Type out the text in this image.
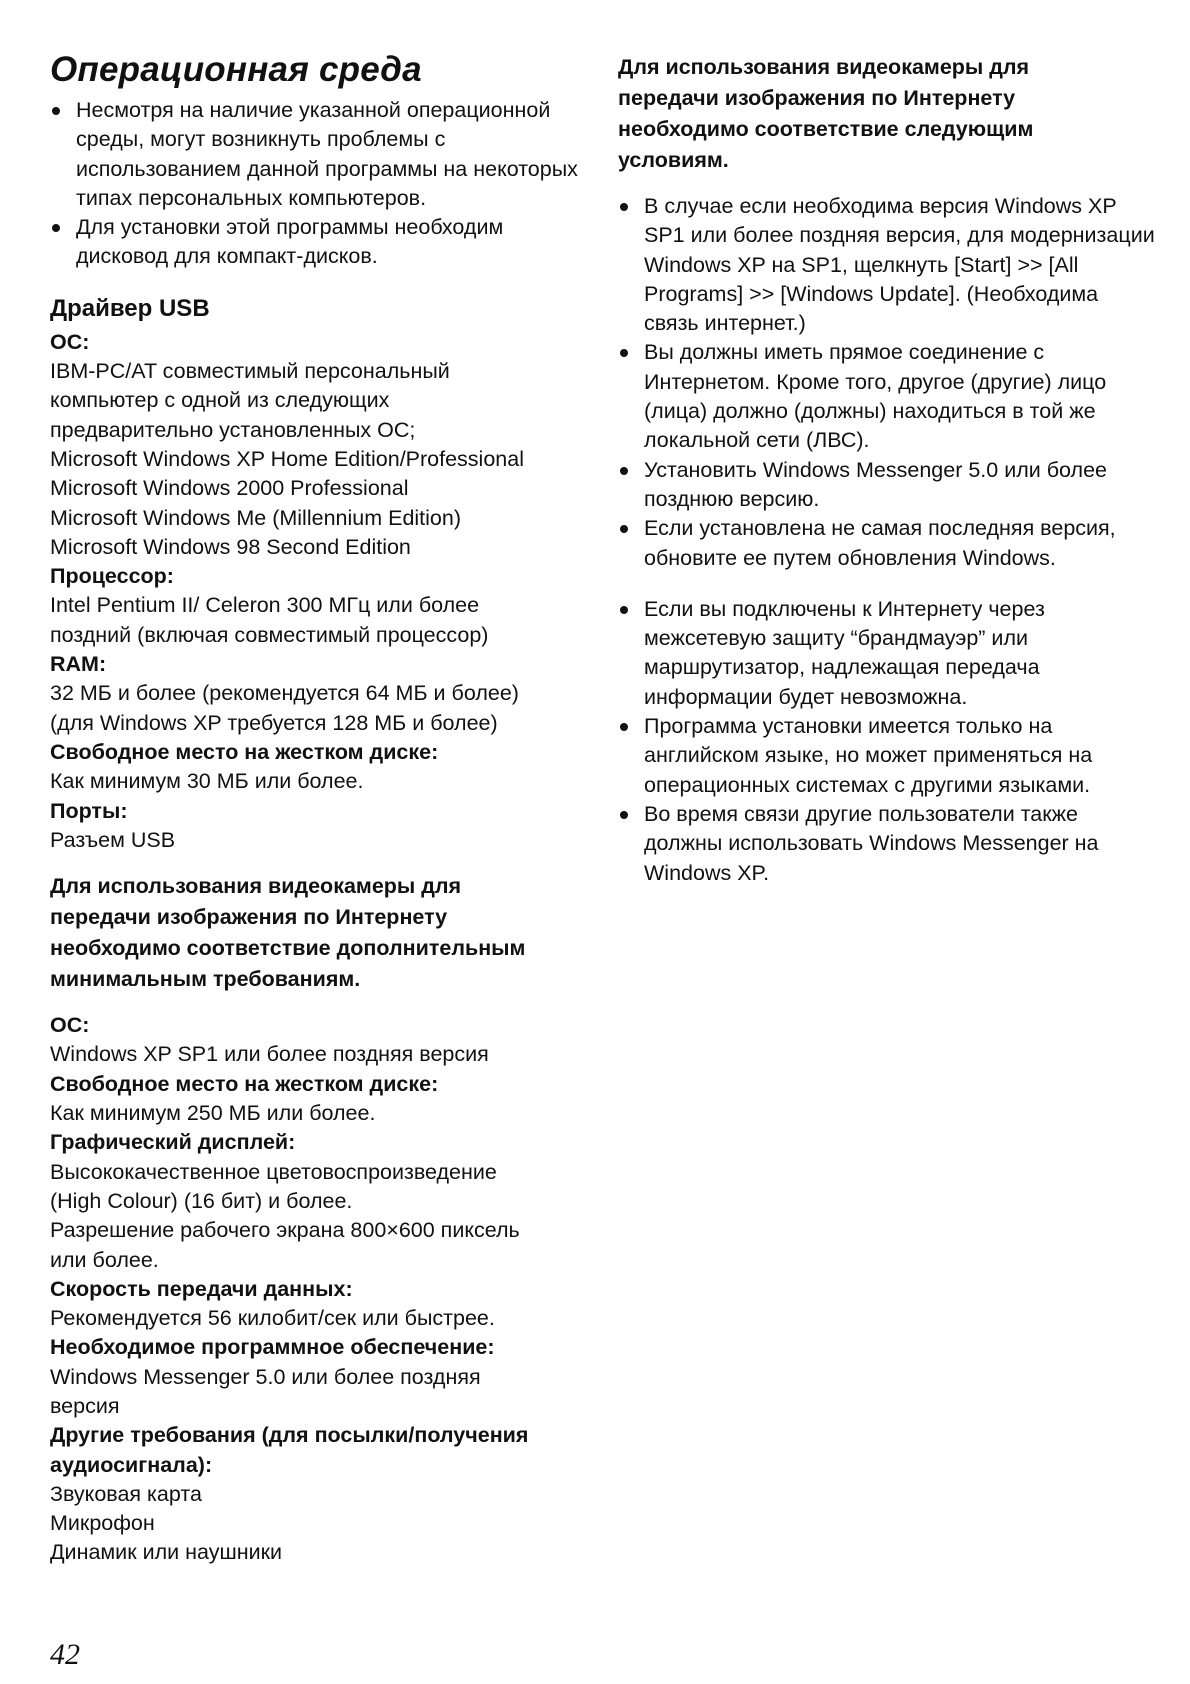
Операционная среда
Несмотря на наличие указанной операционной среды, могут возникнуть проблемы с использованием данной программы на некоторых типах персональных компьютеров.
Для установки этой программы необходим дисковод для компакт-дисков.
Драйвер USB

ОС:

IBM-PC/AT совместимый персональный

компьютер с одной из следующих

предварительно установленных ОС;

Microsoft Windows XP Home Edition/Professional

Microsoft Windows 2000 Professional

Microsoft Windows Me (Millennium Edition)

Microsoft Windows 98 Second Edition

Процессор:

Intel Pentium II/ Celeron 300 МГц или более

поздний (включая совместимый процессор)

RAM:

32 МБ и более (рекомендуется 64 МБ и более)

(для Windows XP требуется 128 МБ и более)

Свободное место на жестком диске:

Как минимум 30 МБ или более.

Порты:

Разъем USB

Для использования видеокамеры для

передачи изображения по Интернету

необходимо соответствие дополнительным

минимальным требованиям.

ОС:

Windows XP SP1 или более поздняя версия

Свободное место на жестком диске:

Как минимум 250 МБ или более.

Графический дисплей:

Высококачественное цветовоспроизведение

(High Colour) (16 бит) и более.

Разрешение рабочего экрана 800×600 пиксель

или более.

Скорость передачи данных:

Рекомендуется 56 килобит/сек или быстрее.

Необходимое программное обеспечение:

Windows Messenger 5.0 или более поздняя

версия

Другие требования (для посылки/получения

аудиосигнала):

Звуковая карта

Микрофон

Динамик или наушники

Для использования видеокамеры для

передачи изображения по Интернету

необходимо соответствие следующим

условиям.

В случае если необходима версия Windows XP SP1 или более поздняя версия, для модернизации Windows XP на SP1, щелкнуть [Start] >> [All Programs] >> [Windows Update]. (Необходима связь интернет.)
Вы должны иметь прямое соединение с Интернетом. Кроме того, другое (другие) лицо (лица) должно (должны) находиться в той же локальной сети (ЛВС).
Установить Windows Messenger 5.0 или более позднюю версию.
Если установлена не самая последняя версия, обновите ее путем обновления Windows.
Если вы подключены к Интернету через межсетевую защиту “брандмауэр” или маршрутизатор, надлежащая передача информации будет невозможна.
Программа установки имеется только на английском языке, но может применяться на операционных системах с другими языками.
Во время связи другие пользователи также должны использовать Windows Messenger на Windows XP.
42
